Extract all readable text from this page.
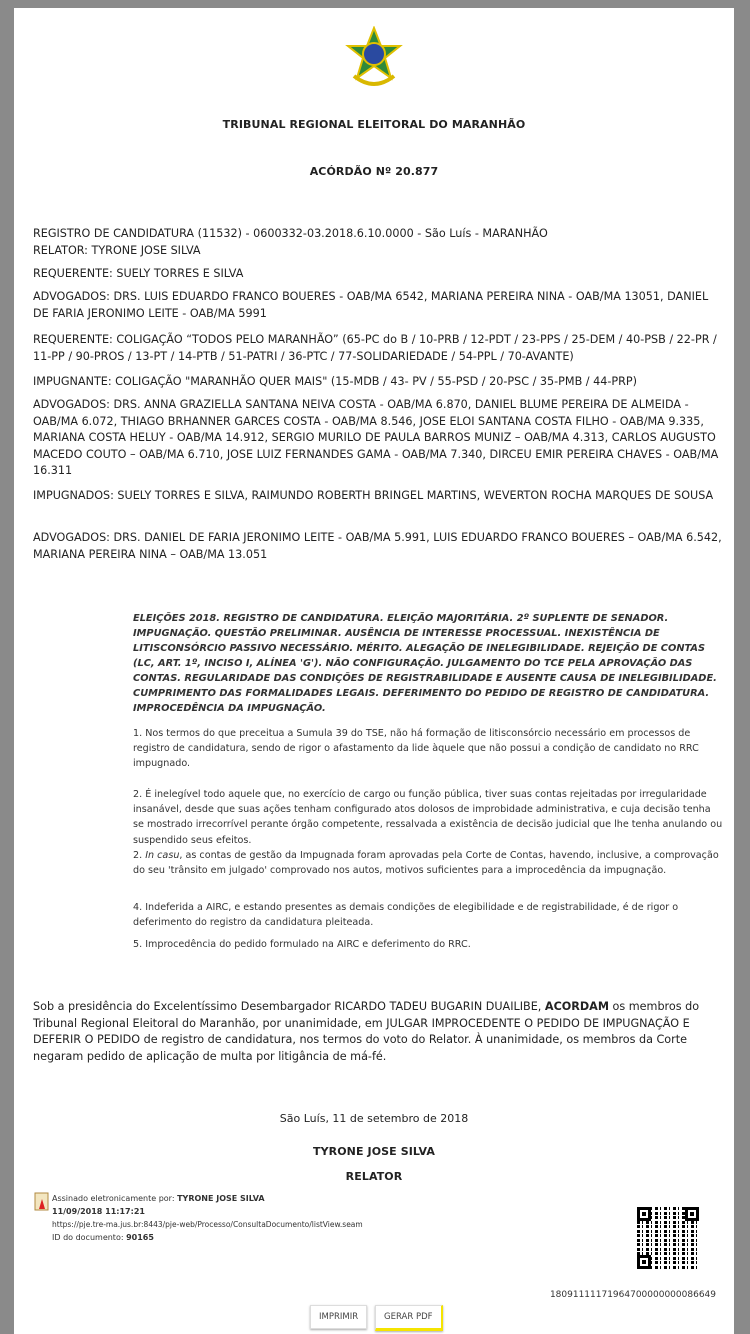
TRIBUNAL REGIONAL ELEITORAL DO MARANHÃO
ACÓRDÃO Nº 20.877
REGISTRO DE CANDIDATURA (11532) - 0600332-03.2018.6.10.0000 - São Luís - MARANHÃO
RELATOR: TYRONE JOSE SILVA
REQUERENTE: SUELY TORRES E SILVA
ADVOGADOS: DRS. LUIS EDUARDO FRANCO BOUERES - OAB/MA 6542, MARIANA PEREIRA NINA - OAB/MA 13051, DANIEL DE FARIA JERONIMO LEITE - OAB/MA 5991
REQUERENTE: COLIGAÇÃO “TODOS PELO MARANHÃO” (65-PC do B / 10-PRB / 12-PDT / 23-PPS / 25-DEM / 40-PSB / 22-PR / 11-PP / 90-PROS / 13-PT / 14-PTB / 51-PATRI / 36-PTC / 77-SOLIDARIEDADE / 54-PPL / 70-AVANTE)
IMPUGNANTE: COLIGAÇÃO "MARANHÃO QUER MAIS" (15-MDB / 43- PV / 55-PSD / 20-PSC / 35-PMB / 44-PRP)
ADVOGADOS: DRS. ANNA GRAZIELLA SANTANA NEIVA COSTA - OAB/MA 6.870, DANIEL BLUME PEREIRA DE ALMEIDA - OAB/MA 6.072, THIAGO BRHANNER GARCES COSTA - OAB/MA 8.546, JOSE ELOI SANTANA COSTA FILHO - OAB/MA 9.335, MARIANA COSTA HELUY - OAB/MA 14.912, SERGIO MURILO DE PAULA BARROS MUNIZ – OAB/MA 4.313, CARLOS AUGUSTO MACEDO COUTO – OAB/MA 6.710, JOSE LUIZ FERNANDES GAMA - OAB/MA 7.340, DIRCEU EMIR PEREIRA CHAVES - OAB/MA 16.311
IMPUGNADOS: SUELY TORRES E SILVA, RAIMUNDO ROBERTH BRINGEL MARTINS, WEVERTON ROCHA MARQUES DE SOUSA
ADVOGADOS: DRS. DANIEL DE FARIA JERONIMO LEITE - OAB/MA 5.991, LUIS EDUARDO FRANCO BOUERES – OAB/MA 6.542, MARIANA PEREIRA NINA – OAB/MA 13.051
ELEIÇÕES 2018. REGISTRO DE CANDIDATURA. ELEIÇÃO MAJORITÁRIA. 2º SUPLENTE DE SENADOR. IMPUGNAÇÃO. QUESTÃO PRELIMINAR. AUSÊNCIA DE INTERESSE PROCESSUAL. INEXISTÊNCIA DE LITISCONSÓRCIO PASSIVO NECESSÁRIO. MÉRITO. ALEGAÇÃO DE INELEGIBILIDADE. REJEIÇÃO DE CONTAS (LC, ART. 1º, INCISO I, ALÍNEA 'G'). NÃO CONFIGURAÇÃO. JULGAMENTO DO TCE PELA APROVAÇÃO DAS CONTAS. REGULARIDADE DAS CONDIÇÕES DE REGISTRABILIDADE E AUSENTE CAUSA DE INELEGIBILIDADE. CUMPRIMENTO DAS FORMALIDADES LEGAIS. DEFERIMENTO DO PEDIDO DE REGISTRO DE CANDIDATURA. IMPROCEDÊNCIA DA IMPUGNAÇÃO.
1. Nos termos do que preceitua a Sumula 39 do TSE, não há formação de litisconsórcio necessário em processos de registro de candidatura, sendo de rigor o afastamento da lide àquele que não possui a condição de candidato no RRC impugnado.
2. É inelegível todo aquele que, no exercício de cargo ou função pública, tiver suas contas rejeitadas por irregularidade insanável, desde que suas ações tenham configurado atos dolosos de improbidade administrativa, e cuja decisão tenha se mostrado irrecorrível perante órgão competente, ressalvada a existência de decisão judicial que lhe tenha anulando ou suspendido seus efeitos.
2. In casu, as contas de gestão da Impugnada foram aprovadas pela Corte de Contas, havendo, inclusive, a comprovação do seu 'trânsito em julgado' comprovado nos autos, motivos suficientes para a improcedência da impugnação.
4. Indeferida a AIRC, e estando presentes as demais condições de elegibilidade e de registrabilidade, é de rigor o deferimento do registro da candidatura pleiteada.
5. Improcedência do pedido formulado na AIRC e deferimento do RRC.
Sob a presidência do Excelentíssimo Desembargador RICARDO TADEU BUGARIN DUAILIBE, ACORDAM os membros do Tribunal Regional Eleitoral do Maranhão, por unanimidade, em JULGAR IMPROCEDENTE O PEDIDO DE IMPUGNAÇÃO E DEFERIR O PEDIDO de registro de candidatura, nos termos do voto do Relator. À unanimidade, os membros da Corte negaram pedido de aplicação de multa por litigância de má-fé.
São Luís, 11 de setembro de 2018
TYRONE JOSE SILVA
RELATOR
Assinado eletronicamente por: TYRONE JOSE SILVA
11/09/2018 11:17:21
https://pje.tre-ma.jus.br:8443/pje-web/Processo/ConsultaDocumento/listView.seam
ID do documento: 90165
18091111171964700000000086649
IMPRIMIR	GERAR PDF
